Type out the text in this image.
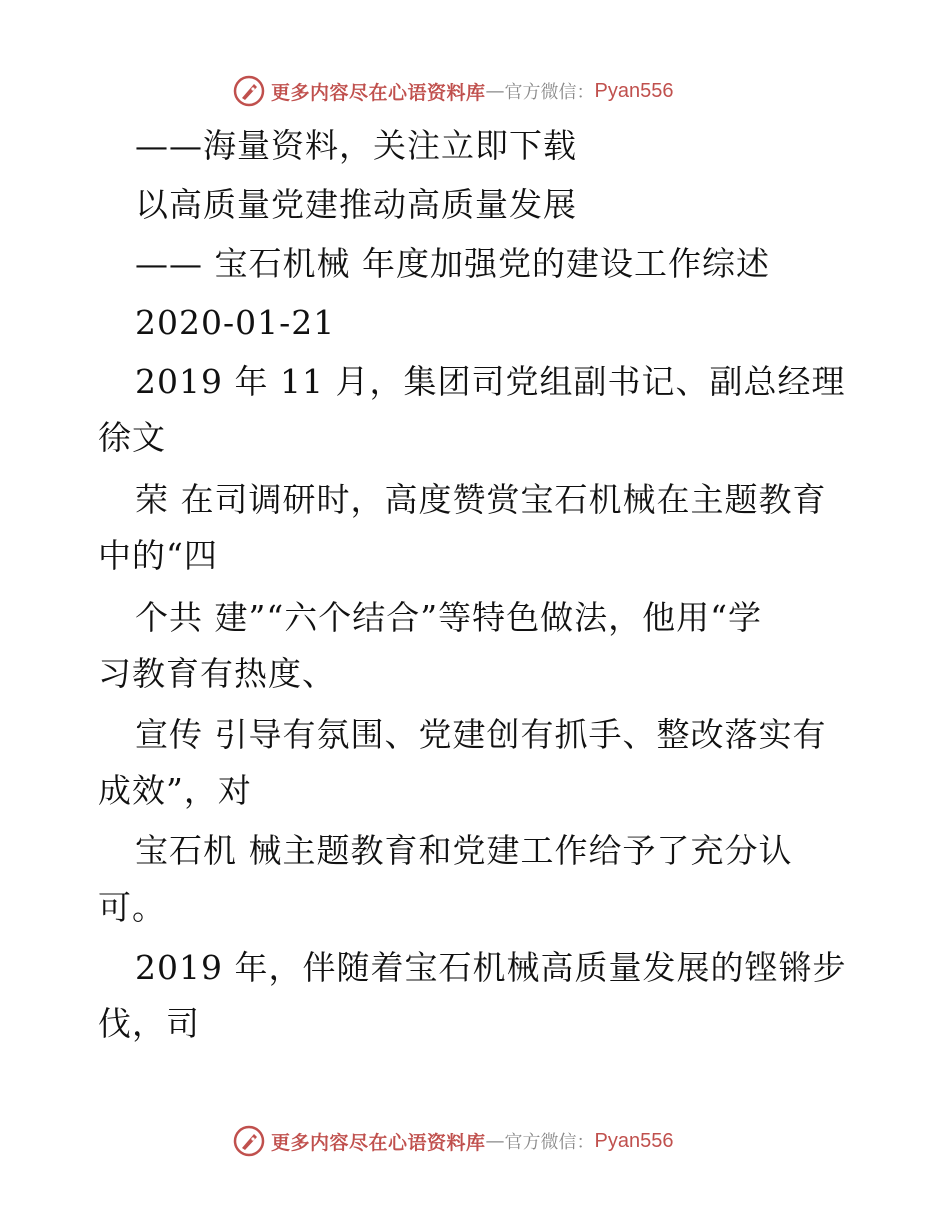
更多内容尽在心语资料库 — 官方微信： Pyan556
——海量资料，关注立即下载
以高质量党建推动高质量发展
—— 宝石机械 年度加强党的建设工作综述
2020-01-21
2019 年 11 月，集团司党组副书记、副总经理
徐文
荣 在司调研时，高度赞赏宝石机械在主题教育
中的“四
个共 建”“六个结合”等特色做法，他用“学
习教育有热度、
宣传 引导有氛围、党建创有抓手、整改落实有
成效”，对
宝石机 械主题教育和党建工作给予了充分认
可。
2019 年，伴随着宝石机械高质量发展的铿锵步
伐，司
更多内容尽在心语资料库 — 官方微信： Pyan556
